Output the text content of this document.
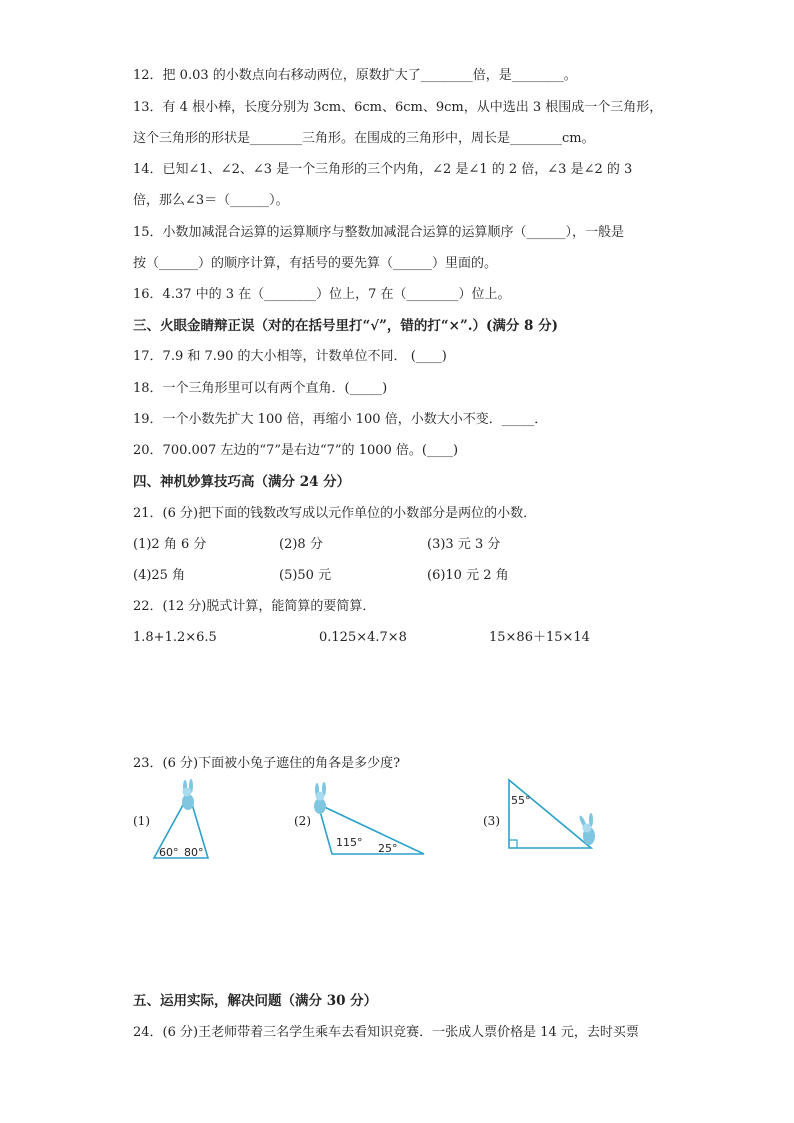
12．把 0.03 的小数点向右移动两位，原数扩大了________倍，是________。
13．有 4 根小棒，长度分别为 3cm、6cm、6cm、9cm，从中选出 3 根围成一个三角形，
这个三角形的形状是________三角形。在围成的三角形中，周长是________cm。
14．已知∠1、∠2、∠3 是一个三角形的三个内角，∠2 是∠1 的 2 倍，∠3 是∠2 的 3
倍，那么∠3＝（______）。
15．小数加减混合运算的运算顺序与整数加减混合运算的运算顺序（______），一般是
按（______）的顺序计算，有括号的要先算（______）里面的。
16．4.37 中的 3 在（________）位上，7 在（________）位上。
三、火眼金睛辩正误（对的在括号里打“√”，错的打“×”.）(满分 8 分)
17．7.9 和 7.90 的大小相等，计数单位不同． (____)
18．一个三角形里可以有两个直角．(_____)
19．一个小数先扩大 100 倍，再缩小 100 倍，小数大小不变．_____．
20．700.007 左边的“7”是右边“7”的 1000 倍。(____)
四、神机妙算技巧高（满分 24 分）
21．(6 分)把下面的钱数改写成以元作单位的小数部分是两位的小数．
(1)2 角 6 分	(2)8 分	(3)3 元 3 分
(4)25 角	(5)50 元	(6)10 元 2 角
22．(12 分)脱式计算，能简算的要简算．
1.8+1.2×6.5	0.125×4.7×8	15×86＋15×14
23．(6 分)下面被小兔子遮住的角各是多少度?
(1)	(2)	(3)
60° 80°
115° 25°
55°
五、运用实际，解决问题（满分 30 分）
24．(6 分)王老师带着三名学生乘车去看知识竞赛．一张成人票价格是 14 元，去时买票
